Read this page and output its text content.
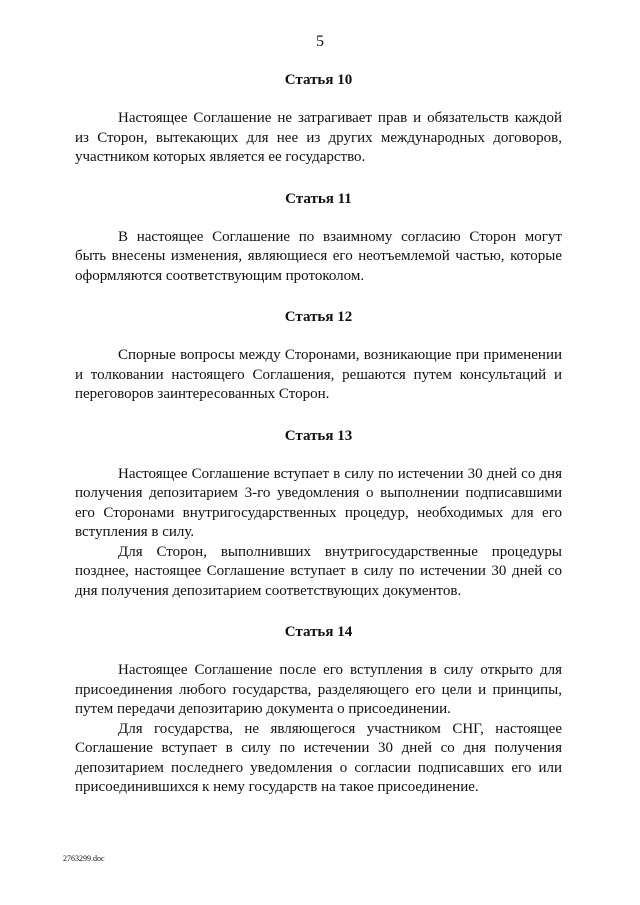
5
Статья 10

Настоящее Соглашение не затрагивает прав и обязательств каждой из Сторон, вытекающих для нее из других международных договоров, участником которых является ее государство.

Статья 11

В настоящее Соглашение по взаимному согласию Сторон могут быть внесены изменения, являющиеся его неотъемлемой частью, которые оформляются соответствующим протоколом.

Статья 12

Спорные вопросы между Сторонами, возникающие при применении и толковании настоящего Соглашения, решаются путем консультаций и переговоров заинтересованных Сторон.

Статья 13

Настоящее Соглашение вступает в силу по истечении 30 дней со дня получения депозитарием 3-го уведомления о выполнении подписавшими его Сторонами внутригосударственных процедур, необходимых для его вступления в силу.

Для Сторон, выполнивших внутригосударственные процедуры позднее, настоящее Соглашение вступает в силу по истечении 30 дней со дня получения депозитарием соответствующих документов.

Статья 14

Настоящее Соглашение после его вступления в силу открыто для присоединения любого государства, разделяющего его цели и принципы, путем передачи депозитарию документа о присоединении.

Для государства, не являющегося участником СНГ, настоящее Соглашение вступает в силу по истечении 30 дней со дня получения депозитарием последнего уведомления о согласии подписавших его или присоединившихся к нему государств на такое присоединение.

2763299.doc
